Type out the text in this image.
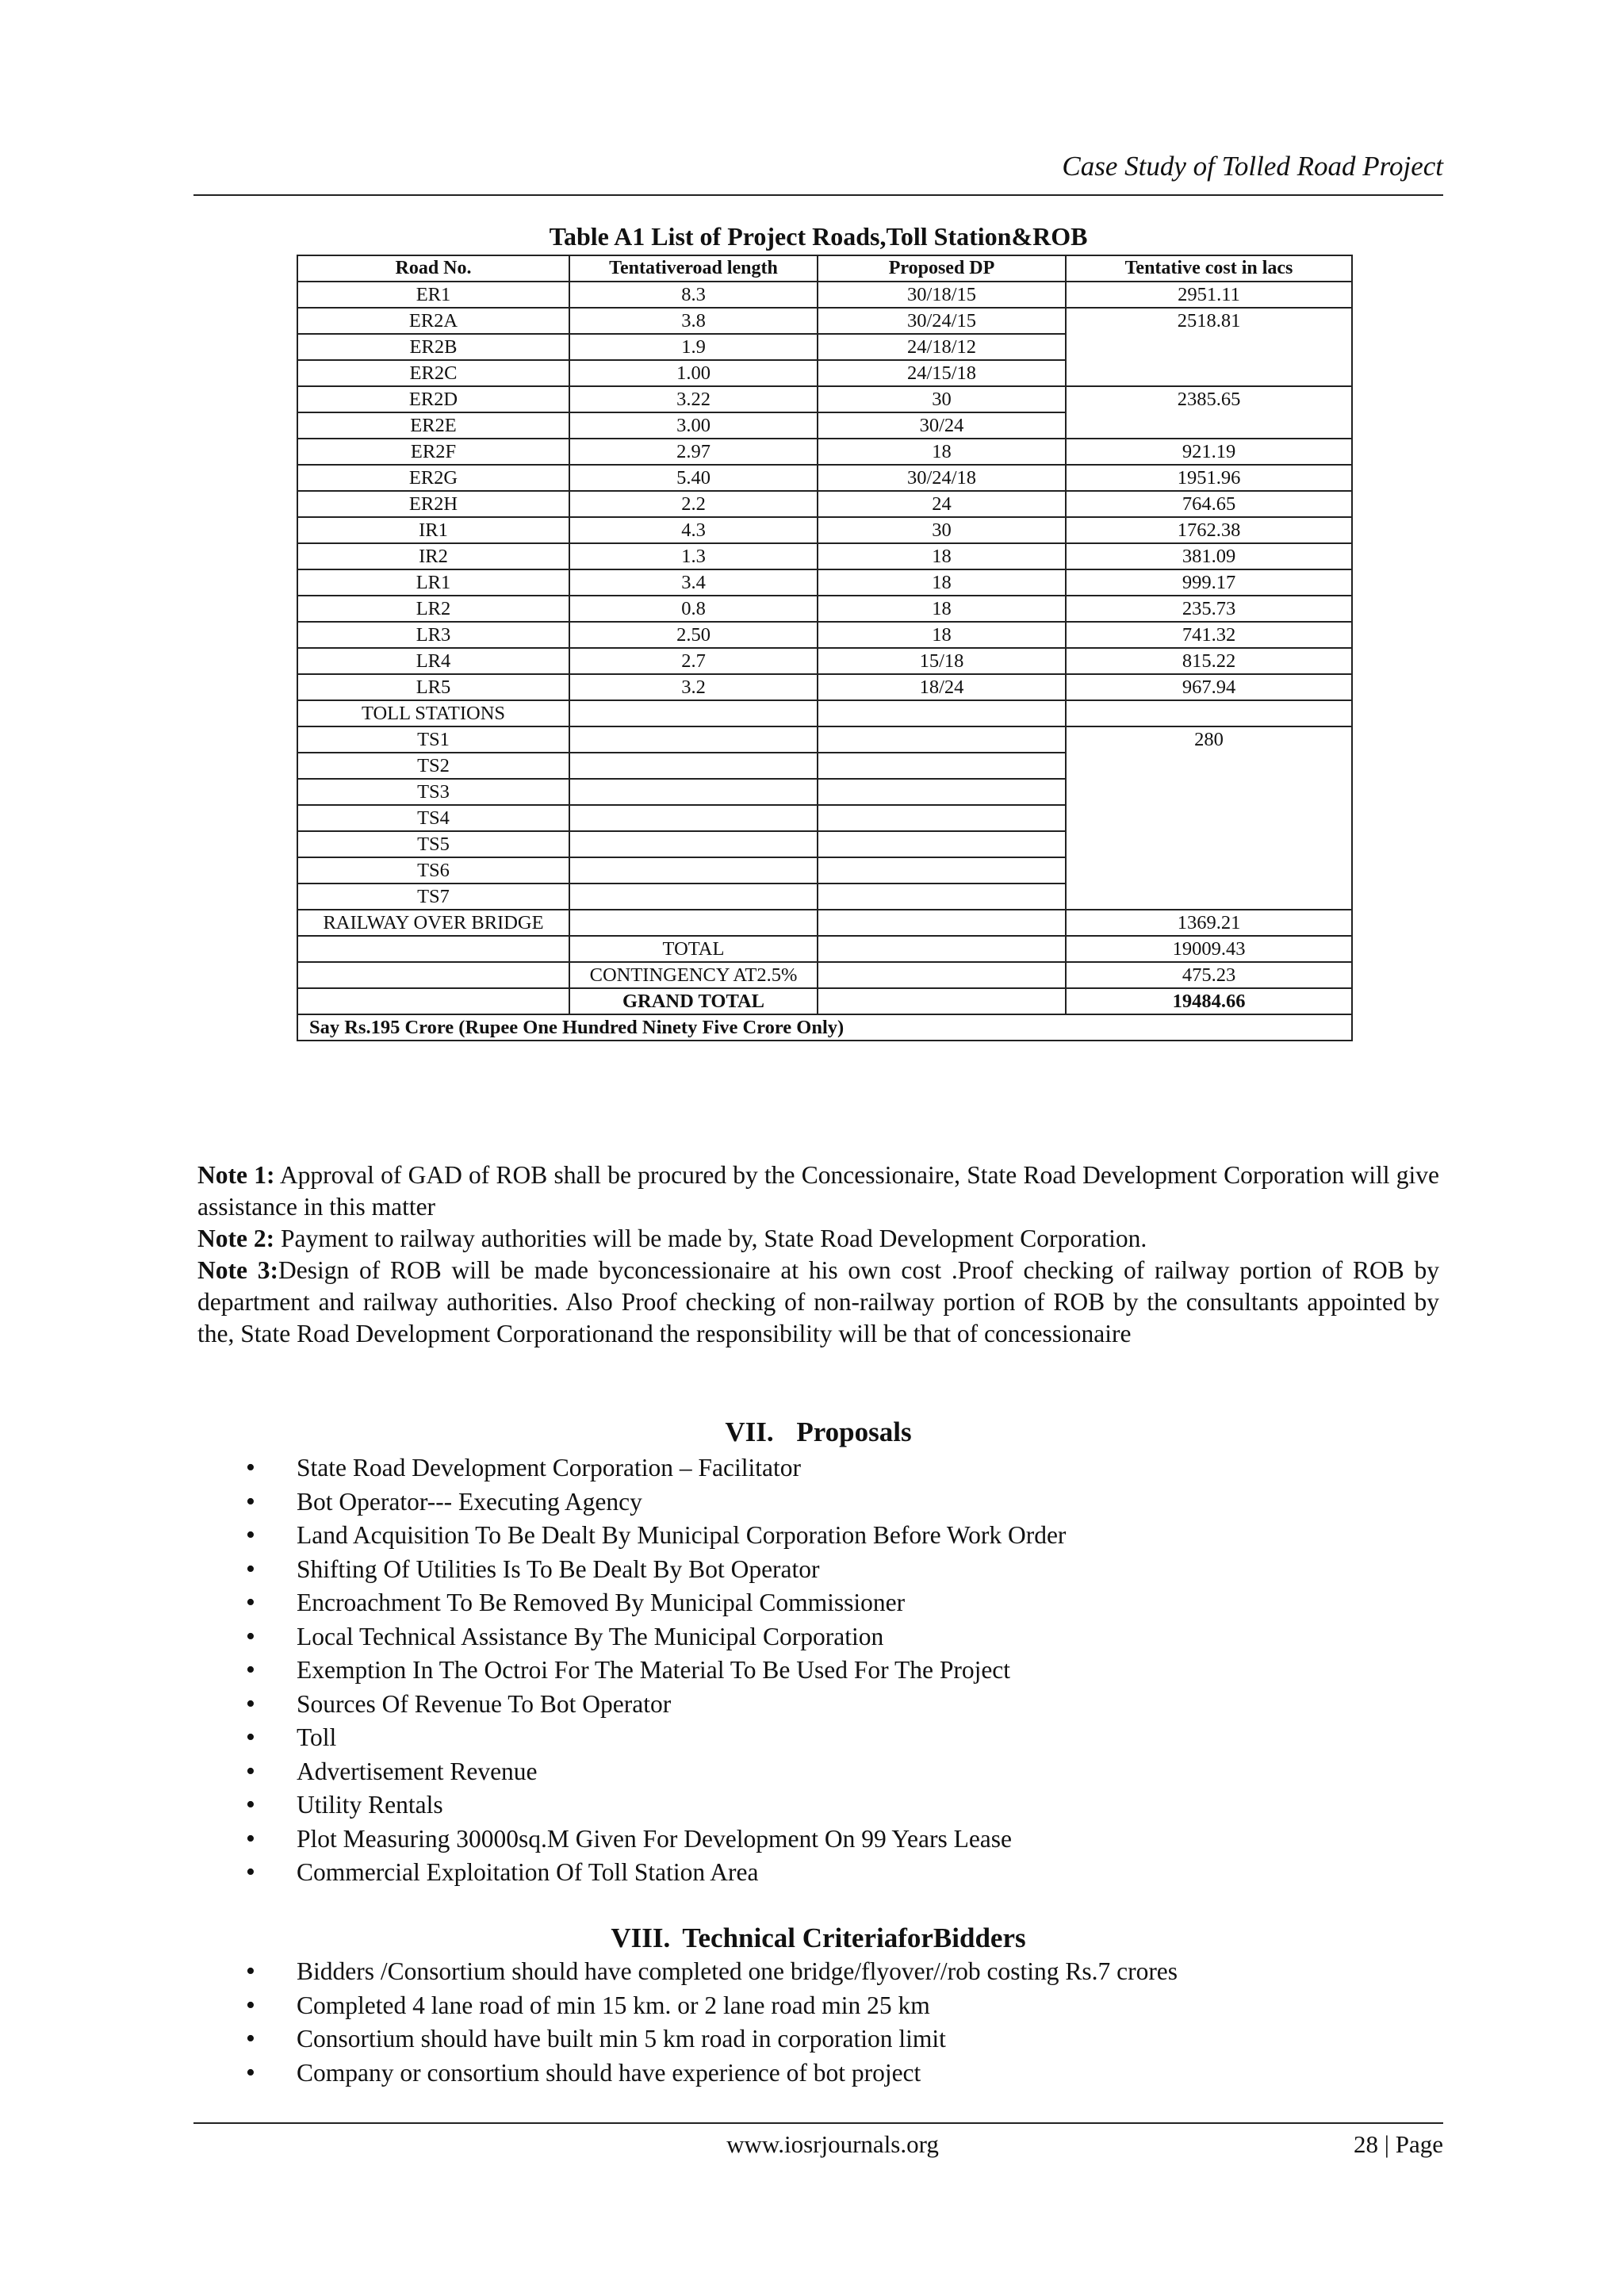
Case Study of Tolled Road Project
Table A1 List of Project Roads,Toll Station&ROB
Road No.	Tentativeroad length	Proposed DP	Tentative cost in lacs
ER1	8.3	30/18/15	2951.11
ER2A	3.8	30/24/15	2518.81
ER2B	1.9	24/18/12	
ER2C	1.00	24/15/18	
ER2D	3.22	30	2385.65
ER2E	3.00	30/24	
ER2F	2.97	18	921.19
ER2G	5.40	30/24/18	1951.96
ER2H	2.2	24	764.65
IR1	4.3	30	1762.38
IR2	1.3	18	381.09
LR1	3.4	18	999.17
LR2	0.8	18	235.73
LR3	2.50	18	741.32
LR4	2.7	15/18	815.22
LR5	3.2	18/24	967.94
TOLL STATIONS			
TS1			280
TS2			
TS3			
TS4			
TS5			
TS6			
TS7			
RAILWAY OVER BRIDGE			1369.21
	TOTAL		19009.43
	CONTINGENCY AT2.5%		475.23
	GRAND TOTAL		19484.66
Say Rs.195 Crore (Rupee One Hundred Ninety Five Crore Only)			

Note 1: Approval of GAD of ROB shall be procured by the Concessionaire, State Road Development Corporation will give assistance in this matter

Note 2: Payment to railway authorities will be made by, State Road Development Corporation.

Note 3:Design of ROB will be made byconcessionaire at his own cost .Proof checking of railway portion of ROB by department and railway authorities. Also Proof checking of non-railway portion of ROB by the consultants appointed by the, State Road Development Corporationand the responsibility will be that of concessionaire

VII. Proposals
• State Road Development Corporation – Facilitator
• Bot Operator--- Executing Agency
• Land Acquisition To Be Dealt By Municipal Corporation Before Work Order
• Shifting Of Utilities Is To Be Dealt By Bot Operator
• Encroachment To Be Removed By Municipal Commissioner
• Local Technical Assistance By The Municipal Corporation
• Exemption In The Octroi For The Material To Be Used For The Project
• Sources Of Revenue To Bot Operator
• Toll
• Advertisement Revenue
• Utility Rentals
• Plot Measuring 30000sq.M Given For Development On 99 Years Lease
• Commercial Exploitation Of Toll Station Area
VIII. Technical CriteriaforBidders
• Bidders /Consortium should have completed one bridge/flyover//rob costing Rs.7 crores
• Completed 4 lane road of min 15 km. or 2 lane road min 25 km
• Consortium should have built min 5 km road in corporation limit
• Company or consortium should have experience of bot project
www.iosrjournals.org	28 | Page
